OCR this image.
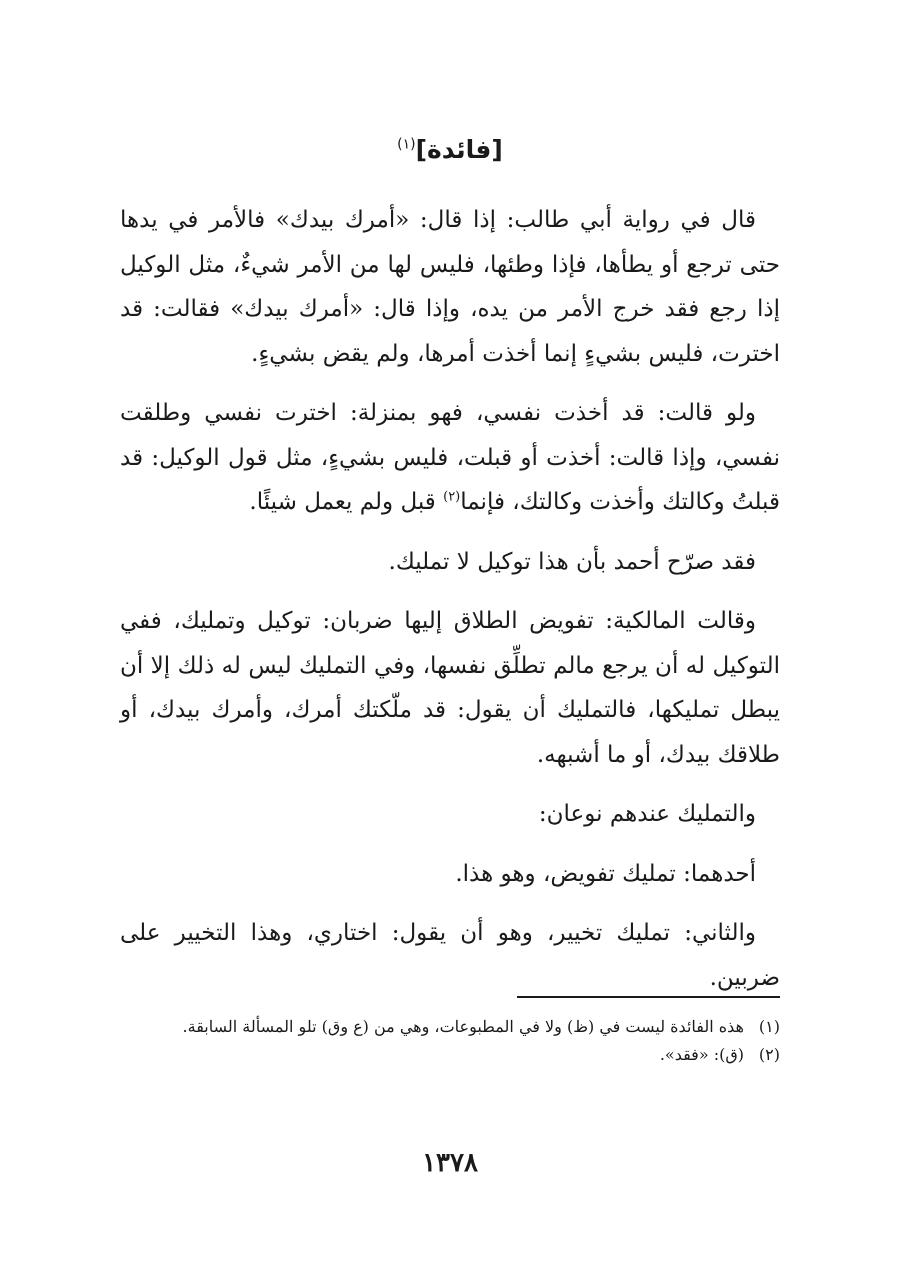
[فائدة]$^{(١)}$

قال في رواية أبي طالب: إذا قال: «أمرك بيدك» فالأمر في يدها حتى ترجع أو يطأها، فإذا وطئها، فليس لها من الأمر شيءٌ، مثل الوكيل إذا رجع فقد خرج الأمر من يده، وإذا قال: «أمرك بيدك» فقالت: قد اخترت، فليس بشيءٍ إنما أخذت أمرها، ولم يقض بشيءٍ.

ولو قالت: قد أخذت نفسي، فهو بمنزلة: اخترت نفسي وطلقت نفسي، وإذا قالت: أخذت أو قبلت، فليس بشيءٍ، مثل قول الوكيل: قد قبلتُ وكالتك وأخذت وكالتك، فإنما$^{(٢)}$ قبل ولم يعمل شيئًا.

فقد صرّح أحمد بأن هذا توكيل لا تمليك.

وقالت المالكية: تفويض الطلاق إليها ضربان: توكيل وتمليك، ففي التوكيل له أن يرجع مالم تطلِّق نفسها، وفي التمليك ليس له ذلك إلا أن يبطل تمليكها، فالتمليك أن يقول: قد ملّكتك أمرك، وأمرك بيدك، أو طلاقك بيدك، أو ما أشبهه.

والتمليك عندهم نوعان:

أحدهما: تمليك تفويض، وهو هذا.

والثاني: تمليك تخيير، وهو أن يقول: اختاري، وهذا التخيير على ضربين.

(١)هذه الفائدة ليست في (ظ) ولا في المطبوعات، وهي من (ع وق) تلو المسألة السابقة.

(٢)(ق): «فقد».

١٣٧٨
